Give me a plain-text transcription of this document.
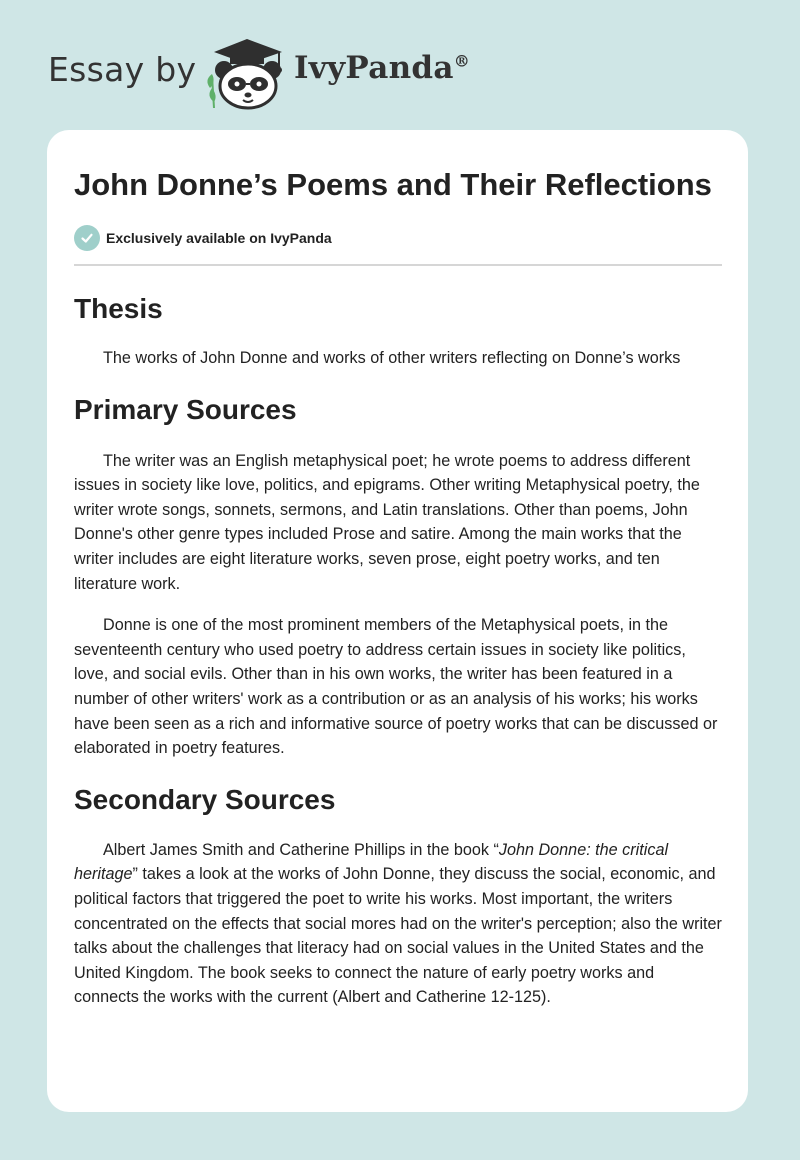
Essay by	IvyPanda®
John Donne’s Poems and Their Reflections
Exclusively available on IvyPanda
Thesis

The works of John Donne and works of other writers reflecting on Donne’s works

Primary Sources

The writer was an English metaphysical poet; he wrote poems to address different issues in society like love, politics, and epigrams. Other writing Metaphysical poetry, the writer wrote songs, sonnets, sermons, and Latin translations. Other than poems, John Donne's other genre types included Prose and satire. Among the main works that the writer includes are eight literature works, seven prose, eight poetry works, and ten literature work.

Donne is one of the most prominent members of the Metaphysical poets, in the seventeenth century who used poetry to address certain issues in society like politics, love, and social evils. Other than in his own works, the writer has been featured in a number of other writers' work as a contribution or as an analysis of his works; his works have been seen as a rich and informative source of poetry works that can be discussed or elaborated in poetry features.

Secondary Sources

Albert James Smith and Catherine Phillips in the book “John Donne: the critical heritage” takes a look at the works of John Donne, they discuss the social, economic, and political factors that triggered the poet to write his works. Most important, the writers concentrated on the effects that social mores had on the writer's perception; also the writer talks about the challenges that literacy had on social values in the United States and the United Kingdom. The book seeks to connect the nature of early poetry works and connects the works with the current (Albert and Catherine 12-125).
